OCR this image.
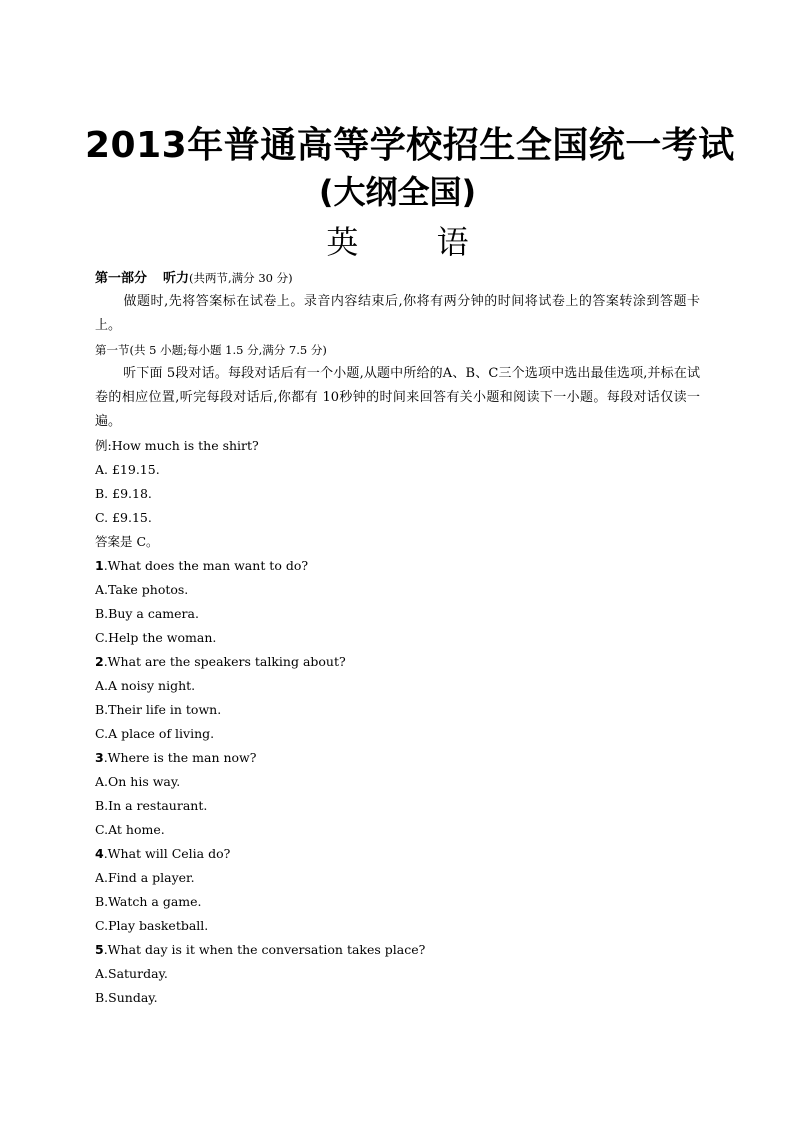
2013年普通高等学校招生全国统一考试
(大纲全国)
英 语
第一部分 听力(共两节,满分 30 分)
做题时,先将答案标在试卷上。录音内容结束后,你将有两分钟的时间将试卷上的答案转涂到答题卡上。
第一节(共 5 小题;每小题 1.5 分,满分 7.5 分)
听下面 5段对话。每段对话后有一个小题,从题中所给的A、B、C三个选项中选出最佳选项,并标在试卷的相应位置,听完每段对话后,你都有 10秒钟的时间来回答有关小题和阅读下一小题。每段对话仅读一遍。
例:How much is the shirt?
A. £19.15.
B. £9.18.
C. £9.15.
答案是 C。
1.What does the man want to do?
A.Take photos.
B.Buy a camera.
C.Help the woman.
2.What are the speakers talking about?
A.A noisy night.
B.Their life in town.
C.A place of living.
3.Where is the man now?
A.On his way.
B.In a restaurant.
C.At home.
4.What will Celia do?
A.Find a player.
B.Watch a game.
C.Play basketball.
5.What day is it when the conversation takes place?
A.Saturday.
B.Sunday.
